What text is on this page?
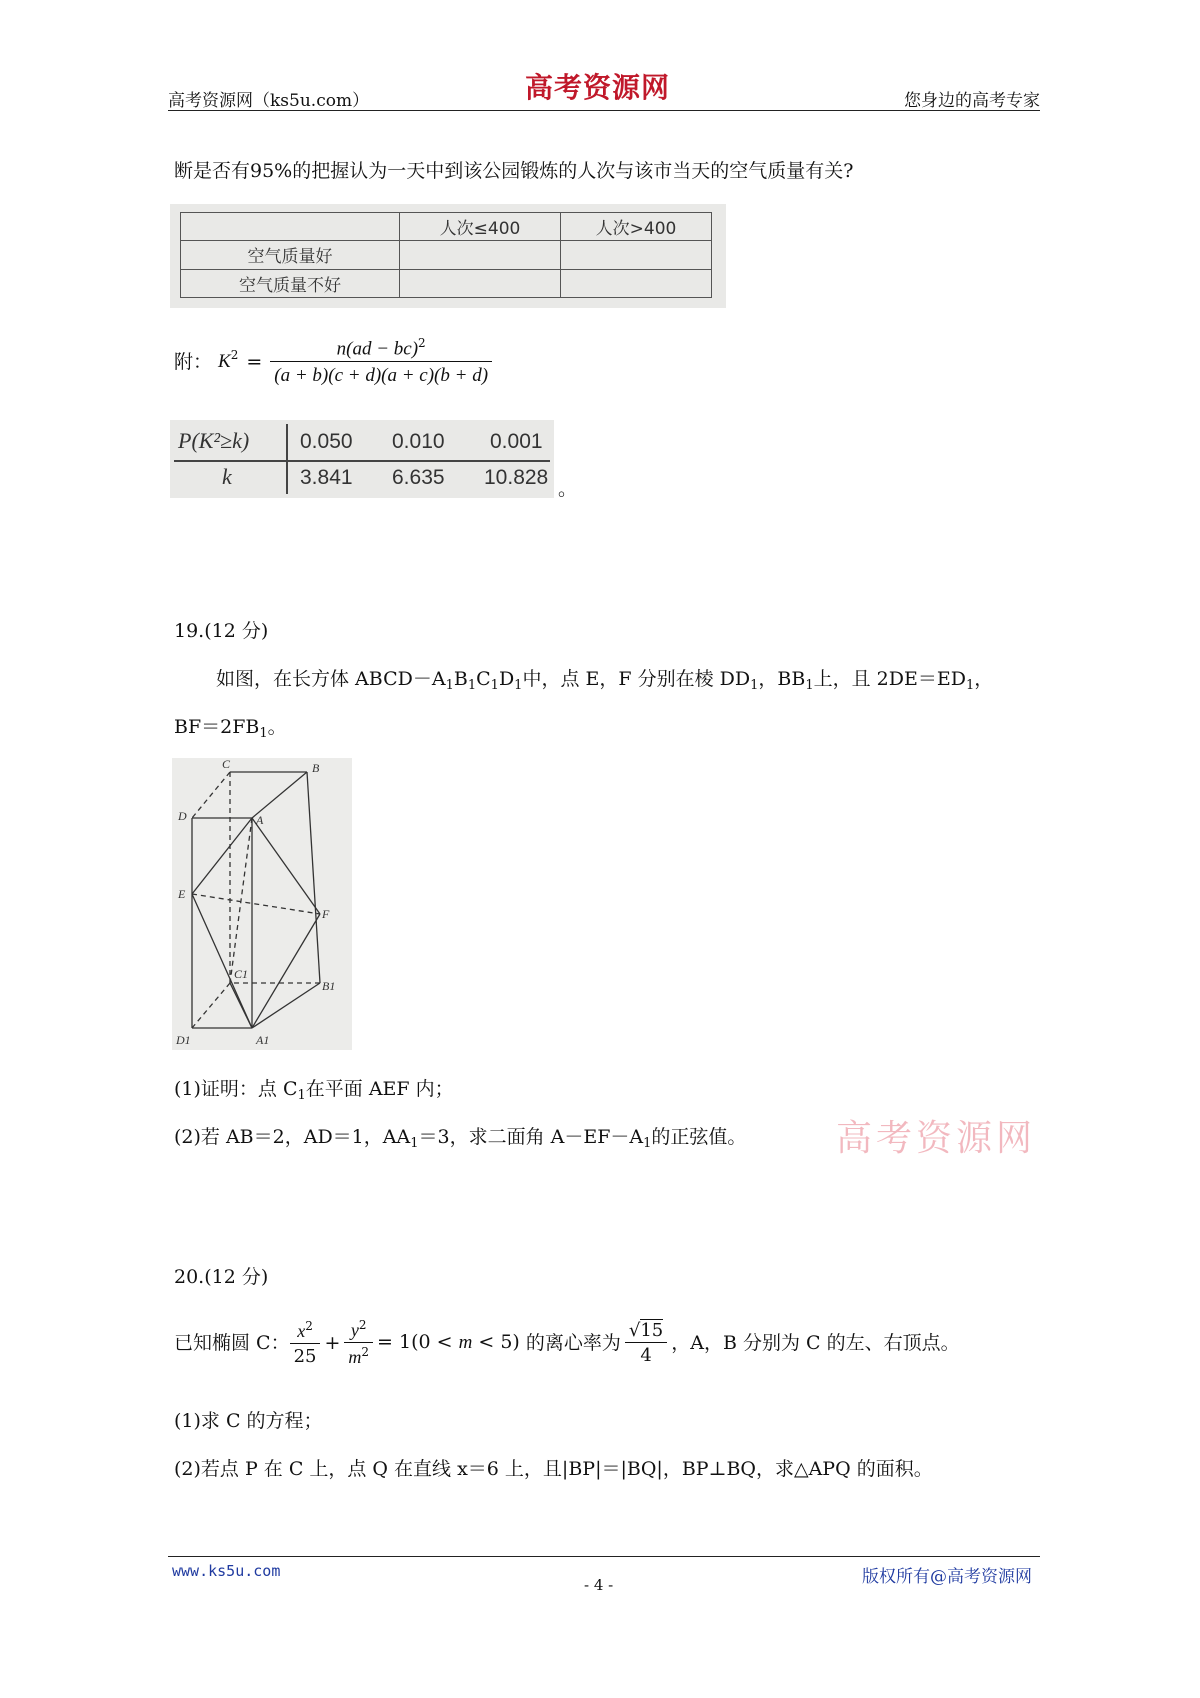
高考资源网（ks5u.com）	高考资源网	您身边的高考专家
断是否有95%的把握认为一天中到该公园锻炼的人次与该市当天的空气质量有关?
	人次≤400	人次>400
空气质量好		
空气质量不好		
附： $K^2 = \frac{n(ad - bc)^2}{(a + b)(c + d)(a + c)(b + d)}$
P(K²≥k) 0.050 0.010 0.001
k	3.841 6.635 10.828 。
19.(12 分)
如图，在长方体 $ABCD-A_1B_1C_1D_1$中，点 E，F 分别在棱 $DD_1$，$BB_1$上，且 $2DE=ED_1$，
$BF=2FB_1$。
C	B
D	A
E
F
C1
B1
D1	A1
(1)证明：点 $C_1$在平面 AEF 内；
(2)若 AB＝2，AD＝1，$AA_1=3$，求二面角 $A-EF-A_1$的正弦值。 高考资源网
20.(12 分)
已知椭圆 C： $\frac{x^2}{25} + \frac{y^2}{m^2} = 1(0 < m < 5)$ 的离心率为 $\frac{√15}{4}$ ，A，B 分别为 C 的左、右顶点。
(1)求 C 的方程；
(2)若点 P 在 C 上，点 Q 在直线 x＝6 上，且|BP|＝|BQ|，BP⊥BQ，求△APQ 的面积。
www.ks5u.com
- 4 -	版权所有@高考资源网
